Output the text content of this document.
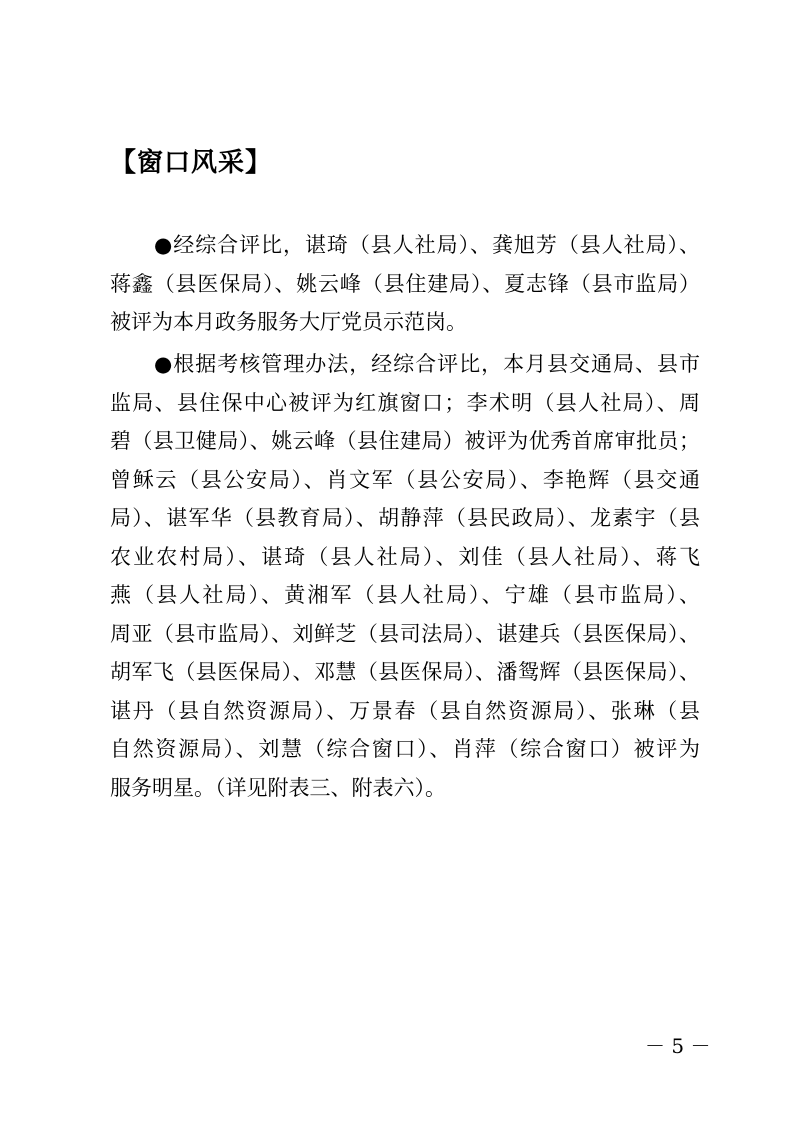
【窗口风采】
●经综合评比，谌琦（县人社局）、龚旭芳（县人社局）、
蒋鑫（县医保局）、姚云峰（县住建局）、夏志锋（县市监局）
被评为本月政务服务大厅党员示范岗。
●根据考核管理办法，经综合评比，本月县交通局、县市
监局、县住保中心被评为红旗窗口；李术明（县人社局）、周
碧（县卫健局）、姚云峰（县住建局）被评为优秀首席审批员；
曾稣云（县公安局）、肖文军（县公安局）、李艳辉（县交通
局）、谌军华（县教育局）、胡静萍（县民政局）、龙素宇（县
农业农村局）、谌琦（县人社局）、刘佳（县人社局）、蒋飞
燕（县人社局）、黄湘军（县人社局）、宁雄（县市监局）、
周亚（县市监局）、刘鲜芝（县司法局）、谌建兵（县医保局）、
胡军飞（县医保局）、邓慧（县医保局）、潘鸳辉（县医保局）、
谌丹（县自然资源局）、万景春（县自然资源局）、张琳（县
自然资源局）、刘慧（综合窗口）、肖萍（综合窗口）被评为
服务明星。（详见附表三、附表六）。
－ 5 －
